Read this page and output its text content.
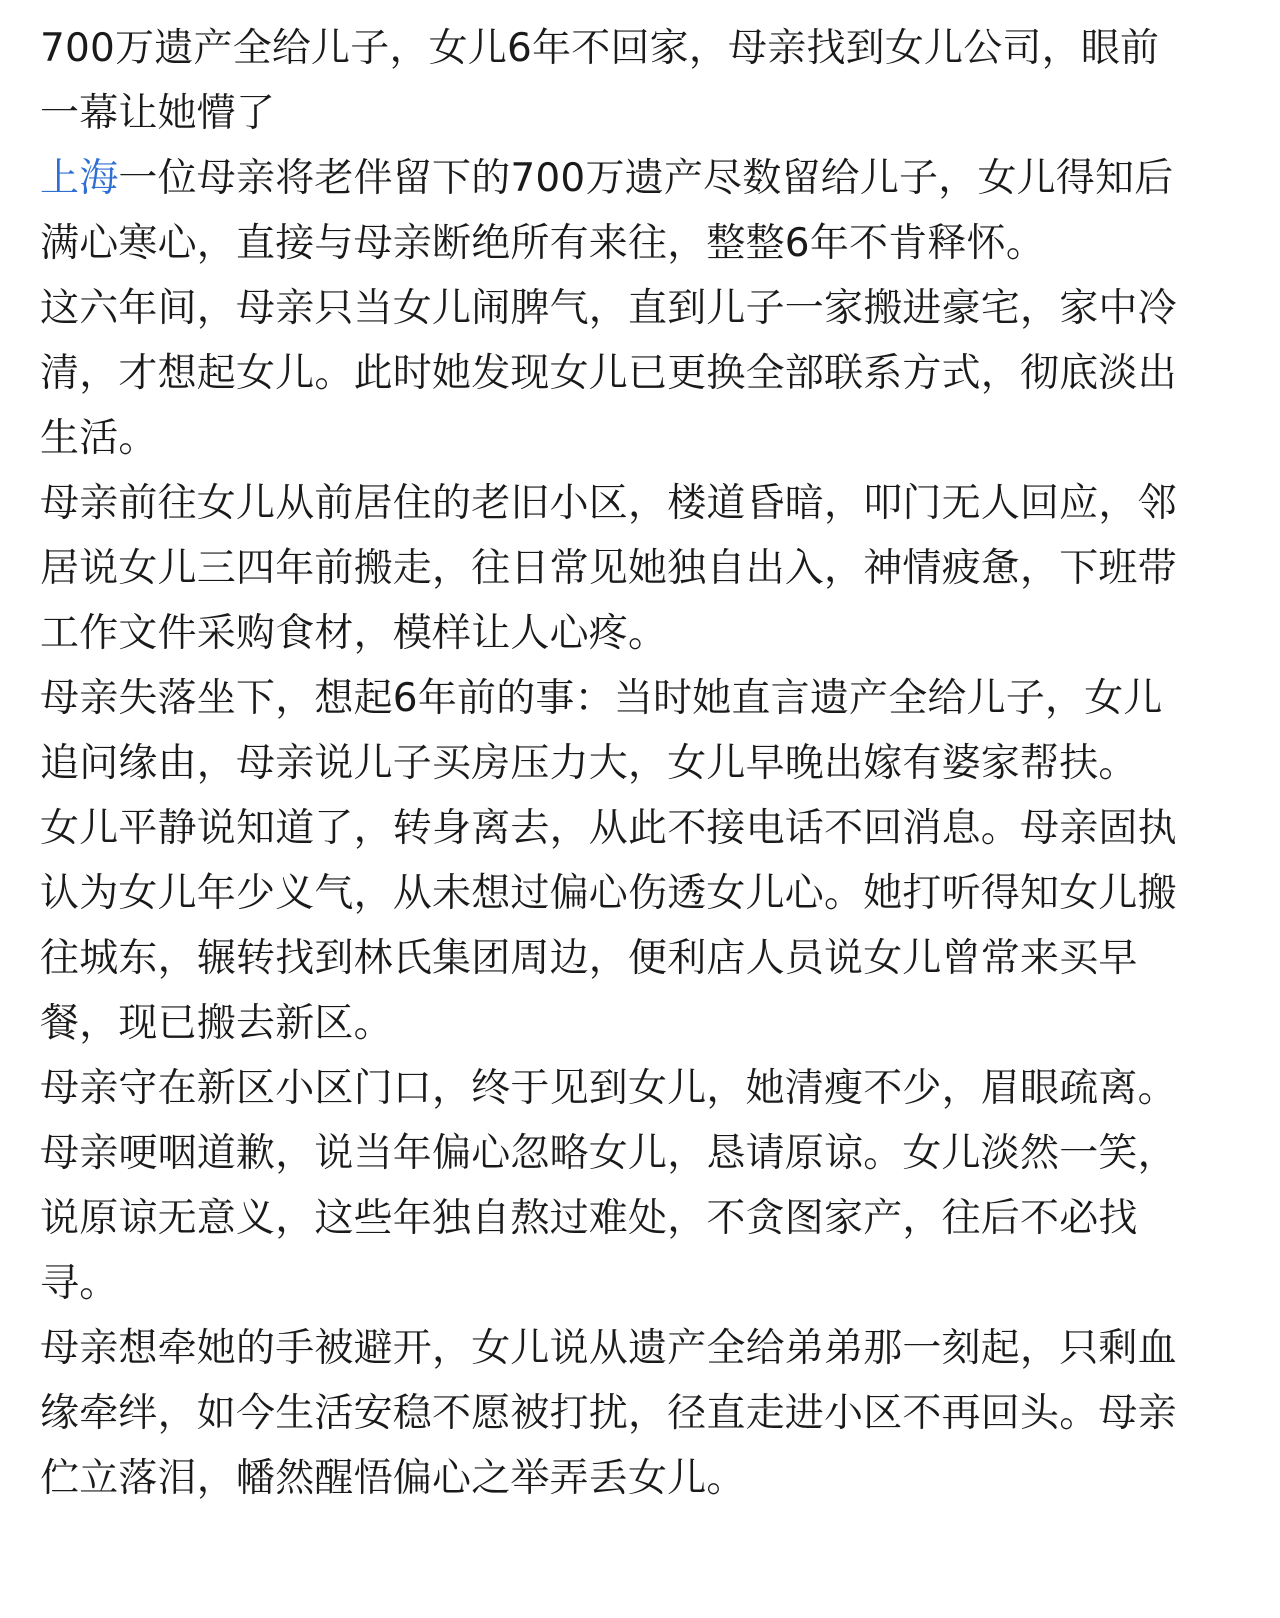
700万遗产全给儿子，女儿6年不回家，母亲找到女儿公司，眼前一幕让她懵了

上海一位母亲将老伴留下的700万遗产尽数留给儿子，女儿得知后满心寒心，直接与母亲断绝所有来往，整整6年不肯释怀。

这六年间，母亲只当女儿闹脾气，直到儿子一家搬进豪宅，家中冷清，才想起女儿。此时她发现女儿已更换全部联系方式，彻底淡出生活。

母亲前往女儿从前居住的老旧小区，楼道昏暗，叩门无人回应，邻居说女儿三四年前搬走，往日常见她独自出入，神情疲惫，下班带工作文件采购食材，模样让人心疼。

母亲失落坐下，想起6年前的事：当时她直言遗产全给儿子，女儿追问缘由，母亲说儿子买房压力大，女儿早晚出嫁有婆家帮扶。

女儿平静说知道了，转身离去，从此不接电话不回消息。母亲固执认为女儿年少义气，从未想过偏心伤透女儿心。她打听得知女儿搬往城东，辗转找到林氏集团周边，便利店人员说女儿曾常来买早餐，现已搬去新区。

母亲守在新区小区门口，终于见到女儿，她清瘦不少，眉眼疏离。母亲哽咽道歉，说当年偏心忽略女儿，恳请原谅。女儿淡然一笑，说原谅无意义，这些年独自熬过难处，不贪图家产，往后不必找寻。

母亲想牵她的手被避开，女儿说从遗产全给弟弟那一刻起，只剩血缘牵绊，如今生活安稳不愿被打扰，径直走进小区不再回头。母亲伫立落泪，幡然醒悟偏心之举弄丢女儿。
